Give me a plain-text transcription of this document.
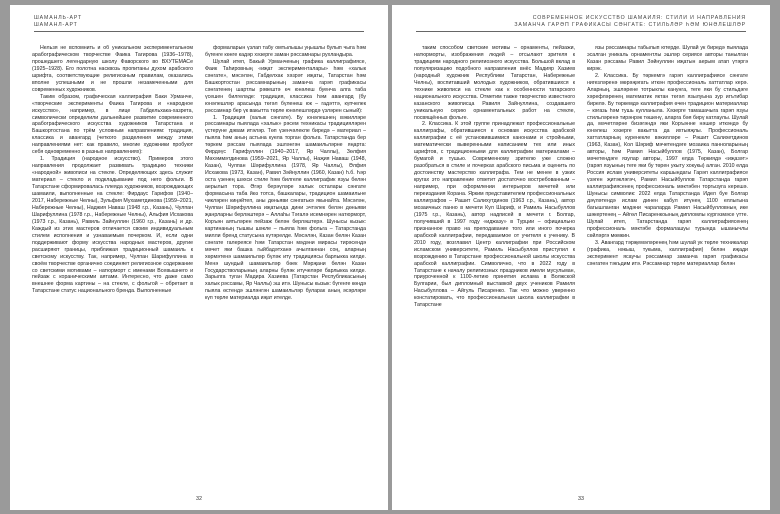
ШАМАНЛЬ-АРТ
ШАМАНЛ-АРТ

Нельзя не вспомнить и об уникальном экспериментальном арабографическом творчестве Фаика Тагирова (1936–1978), прошедшего легендарную школу Фаворского во ВХУТЕМАСе (1925–1928). Его полотна насквозь пропитаны духом арабского шрифта, соответствующие религиозным правилам, оказались вполне успешными и не прошли незамеченными для современных художников.

Таким образом, графическая каллиграфия Баки Урманче, «творческие эксперименты Фаика Тагирова и «народное искусство», например, в лице Габдельхака-хазрета, символически определили дальнейшее развитие современного арабографического искусства художников Татарстана и Башкортостана по трём условным направлениям: традиция, классика и авангард (четкого разделения между этими направлениями нет: как правило, многие художники пробуют себя одновременно в разных направлениях):

1. Традиция (народное искусство). Примеров этого направления продолжает развивать традицию техники «народной» живописи на стекле. Определяющих здесь служит материал – стекло и подкладывание под него фольги. В Татарстане сформировалась плеяда художников, возрождающих шамаили, выполненные на стекле: Фирдаус Гарифов (1940–2017, Набережные Челны), Зульфия Мухаметдинова (1959–2021, Набережные Челны), Наджия Наваш (1948 г.р., Казань), Чулпан Шарифуллина (1978 г.р., Набережные Челны), Альфия Исхакова (1973 г.р., Казань), Равиль Зайнуллин (1960 г.р., Казань) и др. Каждый из этих мастеров отличается своим индивидуальным стилем исполнения и узнаваемым почерком. И, если одни поддерживают форму искусства народных мастеров, другие расширяют границы, приближая традиционный шамаиль к светскому искусству. Так, например, Чулпан Шарифуллина в своём творчестве органично соединяет религиозное содержание со светскими мотивами – натюрморт с именами Всевышнего и пейзаж с кораническими аятами. Интересно, что даже само внешнее форма картины – на стекле, с фольгой – обретает в Татарстане статус национального бренда. Выполненные

формаларын үзлап табу омтылышы уңышлы булып чыга һәм бүгенге көнге кадәр хәзерге заман рәссамнары рухландыра.

Шулай итеп, Бакый Урманченың графика каллиграфиясе, Фаик Таһировның «иҗат эксперименталары» һәм «халык сәнгате», мәсәлән, Габделхак хәзрәт иҗаты, Татарстан һәм Башкортостан рәссамнарының заманча гарәп графикасы сәнгатенең шартлы рәвештә өч юнәлеш буенча алга таба үсешен билгеләде: традиция, классика һәм авангард (бу юнәлешләр арасында төгәл бүленеш юк – гадәттә, күпчелек рәссамнар бер үк вакытта төрле юнәлешләрдә үзләрен сыный):

1. Традиция (халык сәнгате). Бу юнәлешнең вәкилләре рәссамнары пыялада «халык» рәсем техникасы традицияләрен үстерүне дәвам итәләр. Төп үзенчәлекле биредә – материал – пыяла һәм аның астына куела торган фольга. Татарстанда бер төркем рәссам пыялада эшләнгән шамаильләрне яңарта: Фирдәүс Гарифуллин (1940–2017, Яр Чаллы), Зөлфия Мөхәммәтдинова (1959–2021, Яр Чаллы), Наҗия Наваш (1948, Казан), Чулпан Шәрифуллина (1978, Яр Чаллы), Әлфия Исхакова (1973, Казан), Равил Зәйнуллин (1960, Казан) һ.б. Һәр оста үзенең шәхси стиле һәм билгеле каллиграфик язуы белән аерылып тора. Әгәр берәүләре халык осталары сәнгате формасына таба йөз тотса, башкалары, традицион шамаильне чикләрен киңәйтеп, аны дөньяви сәнгатькә якынайта. Мәсәлән, Чулпан Шәрифуллина иҗатында дини эчтәлек белән дөньяви җанрларны берләштерә – Аллаһы Тәгалә исемнәрен натюрморт, Коръән аятьләрен пейзаж белән берләштерә. Шунысы кызык: картинаның тышкы шәкле – пыяла һәм фольга – Татарстанда милли бренд статусына күтәрелде. Мәсәлән, Казан белән Казан сәнгате галереясе һәм Татарстан мәдәни мирасы тирәсендә мәчет яки башка гыйбадәтханә ачылганнан соң, аларның хөрмәтенә шамаильләр бүләк итү традициясы барлыкка килде. Менә шундый шамаильләр бөек Мәрҗани белән Казан Государстволарының аларны бүләк итүчеләре барлыкка килде. Зарылга туган Мадира Хазиева (Татарстан Республикасының халык рәссамы, Яр Чаллы) эш итә. Шунысы кызык: бүгенге көндә пыяла өстендә эшләнгән шамаильләр буларак аның әсәрләре күп төрле материалда иҗат ителде.

32
СОВРЕМЕННОЕ ИСКУССТВО ШАМАИЛЯ: СТИЛИ И НАПРАВЛЕНИЯ
ЗАМАНЧА ГАРӘП ГРАФИКАСЫ СӘНГАТЕ: СТИЛЬЛӘР ҺӘМ ЮНӘЛЕШЛӘР

таким способом светские мотивы – орнаменты, пейзажи, натюрморты, изображения людей – отсылают зрителя к традициям народного религиозного искусства. Большой вклад в популяризацию подобного направления внёс Мадияр Хазиев (народный художник Республики Татарстан, Набережные Челны), воспитавший молодых художников, обратившихся к технике живописи на стекле как к особенности татарского национального искусства. Отметим также творчество известного казанского живописца Равиля Зайнуллина, создавшего уникальную серию орнаментальных работ на стекле, посвящённых фольге.

2. Классика. К этой группе принадлежат профессиональные каллиграфы, обратившиеся к основам искусства арабской каллиграфии с её установившимися канонами и стройными, математически выверенными написанием тех или иных шрифтов, с традиционными для каллиграфии материалами – бумагой и тушью. Современному зрителю уже сложно разобраться в стиле и почерках арабского письма и оценить по достоинству мастерство каллиграфа. Тем не менее в узких кругах это направление ответит достаточно востребованным – например, при оформлении интерьеров мечетей или переиздания Корана. Ярким представителем профессиональных каллиграфов – Рашит Салихутдинов (1963 г.р., Казань), автор мозаичных панно в мечети Кул Шариф, и Рамиль Насыбуллов (1975 г.р., Казань), автор надписей в мечети г. Болгар, получивший в 1997 году «иджазу» в Турции – официально признанное право на преподавание того или иного почерка арабской каллиграфии, передаваемое от учителя к ученику. В 2010 году, возглавил Центр каллиграфии при Российском исламском университете, Рамиль Насыбуллов приступил к возрождению в Татарстане профессиональной школы искусства арабской каллиграфии. Символично, что в 2022 году в Татарстане к началу религиозных праздников имели мусульман, приуроченной к 1100-летию принятия ислама в Волжской Булгарии, был дипломный выставкой двух учеников Рамиля Насыбуллова – Айгуль Писаренко. Так что можно уверенно констатировать, что профессиональная школа каллиграфии в Татарстане

язы рәссамнары табылып ютерде. Шулай ук биредә пыялада эсалган уникаль орнаментлы эшләр сериясе авторы танылган Казан рәссамы Равил Зәйнуллин иҗатын аерым атап үтәргә кирәк.

2. Классика. Бу төркемгә гарәп каллиграфиясе сәнгате нигезләренә мөрәҗәгать иткән профессиональ хаттатлар керә. Аларның, эшләрене тотрыклы канунга, теге яки бу стильдәге хәрефләренең математик яктан төгәл язылуына зур игътибар бирелә. Бу төркемдә каллиграфия өчен традицион материаллар – кәгазь һәм тушь кулланыла. Хәзерге тамашачыга гарәп язуы стильләренә тирәнрәк төшенү, аларга бәя бирү катлаулы. Шулай да, мәчетләрне бизәгәндә яки Коръәнне нәшер иткәндә бу юнәлеш хәзерге вакытта да ихтыяҗлы. Профессиональ хаттатларның күренекле вәкилләре – Рәшит Салихетдинов (1963, Казан), Кол Шәриф мәчетендәге мозаика панноларының авторы, һәм Рамил Насыйбуллов (1975, Казан), Болгар мәчетендәге язулар авторы, 1997 елда Төркиядә «иҗазәт» (гарәп язуының теге яки бу төрен укыту хокукы) алган. 2010 елда Россия ислам университеты каршындагы Гарәп каллиграфиясе үзәген җитәкләгәч, Рамил Насыйбуллов Татарстанда гарәп каллиграфиясенең профессиональ мәктәбен торгызуга керешә. Шунысы символик: 2022 елда Татарстанда Идел буе Болгар дәүләтендә ислам динен кабул итүнең 1100 еллыгына багышланган мәдәни чараларда Рамил Насыйбулловның ике шәкертенең – Айгөл Писаренкоының дипломлы күргәзмәсе үтте. Шулай итеп, Татарстанда гарәп каллиграфиясенең профессиональ мәктәбе формалашуы турында ышанычлы сөйләргә мөмкин.

3. Авангард тәрҗемәләренең һәм шулай ук төрле техникалар (графика, нәкыш, тукыма, каллиграфия) белән иҗади эксперимент ясаучы рәссамнар заманча гарәп графикасы сәнгатен тәкъдим итә. Рәссамнар төрле материаллар белән

33
